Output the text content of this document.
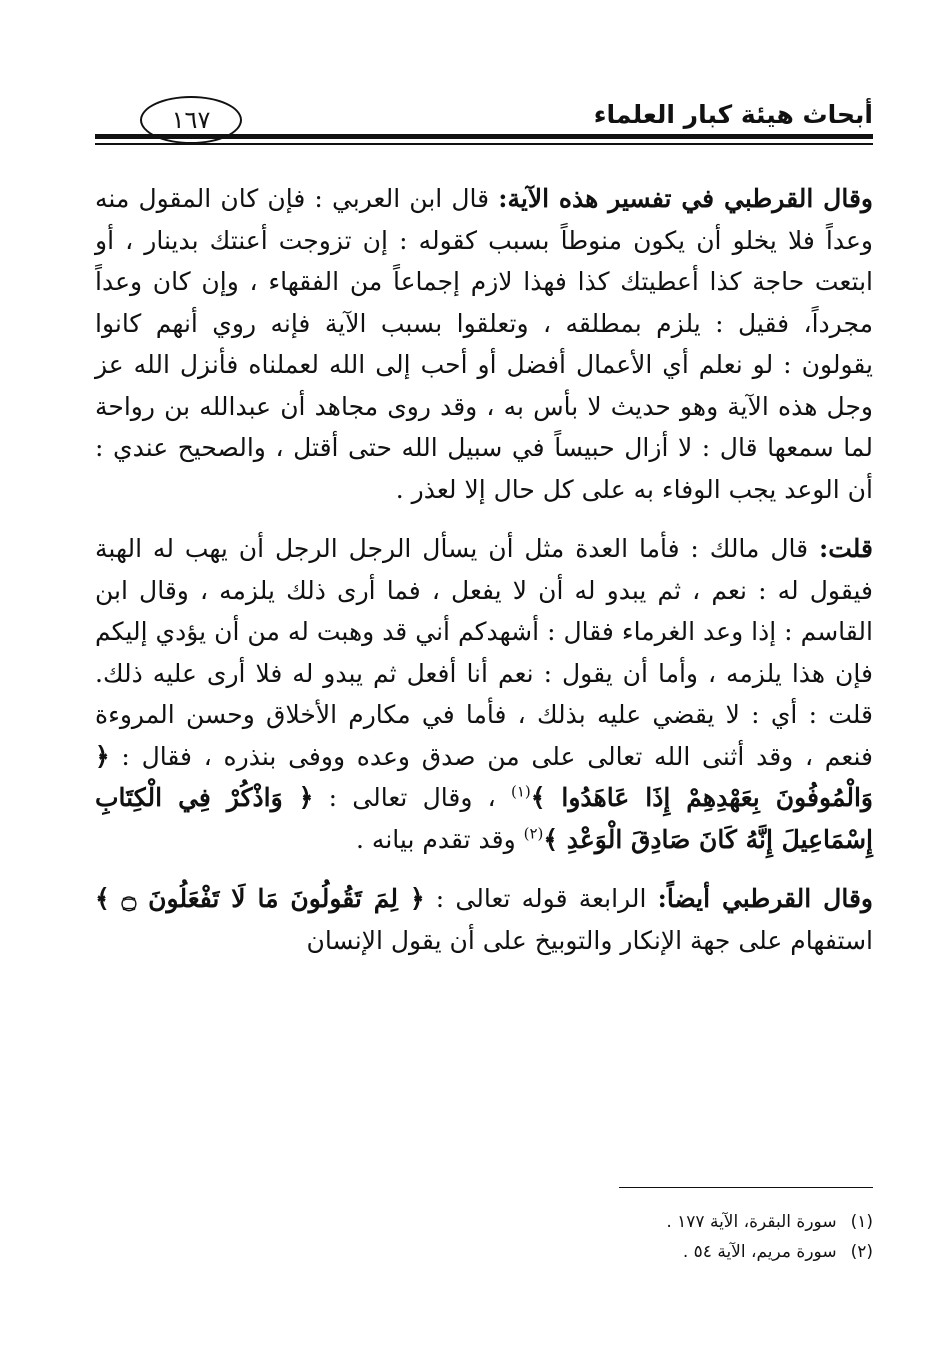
أبحاث هيئة كبار العلماء
١٦٧

وقال القرطبي في تفسير هذه الآية: قال ابن العربي : فإن كان المقول منه وعداً فلا يخلو أن يكون منوطاً بسبب كقوله : إن تزوجت أعنتك بدينار ، أو ابتعت حاجة كذا أعطيتك كذا فهذا لازم إجماعاً من الفقهاء ، وإن كان وعداً مجرداً، فقيل : يلزم بمطلقه ، وتعلقوا بسبب الآية فإنه روي أنهم كانوا يقولون : لو نعلم أي الأعمال أفضل أو أحب إلى الله لعملناه فأنزل الله عز وجل هذه الآية وهو حديث لا بأس به ، وقد روى مجاهد أن عبدالله بن رواحة لما سمعها قال : لا أزال حبيساً في سبيل الله حتى أقتل ، والصحيح عندي : أن الوعد يجب الوفاء به على كل حال إلا لعذر .

قلت: قال مالك : فأما العدة مثل أن يسأل الرجل الرجل أن يهب له الهبة فيقول له : نعم ، ثم يبدو له أن لا يفعل ، فما أرى ذلك يلزمه ، وقال ابن القاسم : إذا وعد الغرماء فقال : أشهدكم أني قد وهبت له من أن يؤدي إليكم فإن هذا يلزمه ، وأما أن يقول : نعم أنا أفعل ثم يبدو له فلا أرى عليه ذلك. قلت : أي : لا يقضي عليه بذلك ، فأما في مكارم الأخلاق وحسن المروءة فنعم ، وقد أثنى الله تعالى على من صدق وعده ووفى بنذره ، فقال : ﴿ وَالْمُوفُونَ بِعَهْدِهِمْ إِذَا عَاهَدُوا ﴾$^{(١)}$ ، وقال تعالى : ﴿ وَاذْكُرْ فِي الْكِتَابِ إِسْمَاعِيلَ إِنَّهُ كَانَ صَادِقَ الْوَعْدِ ﴾$^{(٢)}$ وقد تقدم بيانه .

وقال القرطبي أيضاً: الرابعة قوله تعالى : ﴿ لِمَ تَقُولُونَ مَا لَا تَفْعَلُونَ ۝ ﴾ استفهام على جهة الإنكار والتوبيخ على أن يقول الإنسان

(١)سورة البقرة، الآية ١٧٧ .

(٢)سورة مريم، الآية ٥٤ .
